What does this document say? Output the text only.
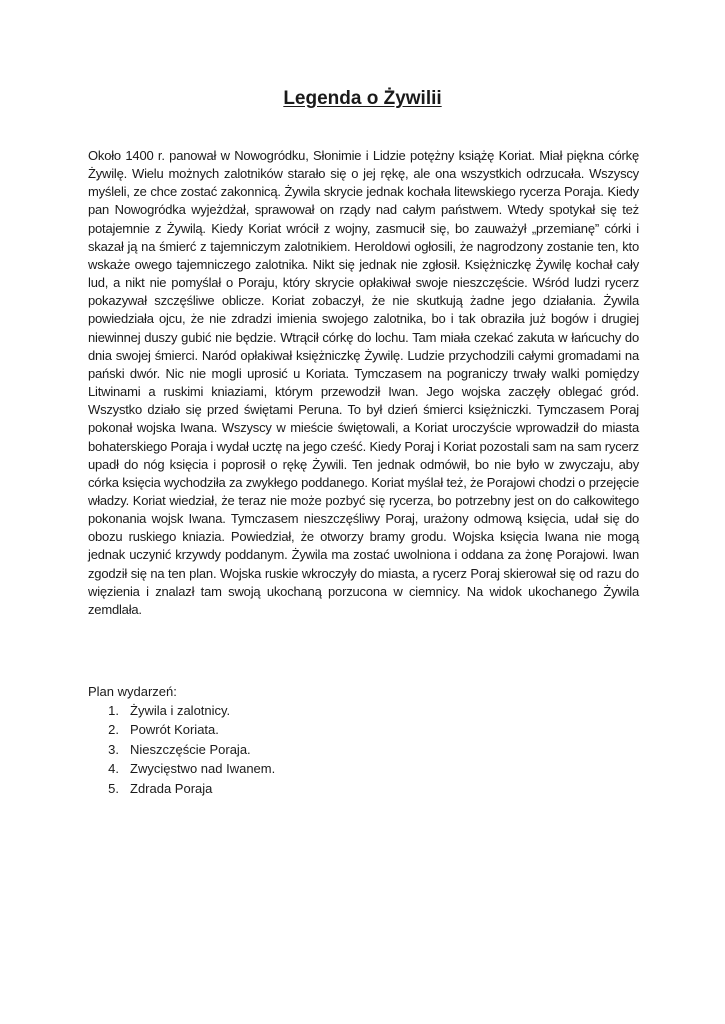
Legenda o Żywilii

Około 1400 r. panował w Nowogródku, Słonimie i Lidzie potężny książę Koriat. Miał piękna córkę Żywilę. Wielu możnych zalotników starało się o jej rękę, ale ona wszystkich odrzucała. Wszyscy myśleli, ze chce zostać zakonnicą. Żywila skrycie jednak kochała litewskiego rycerza Poraja. Kiedy pan Nowogródka wyjeżdżał, sprawował on rządy nad całym państwem. Wtedy spotykał się też potajemnie z Żywilą. Kiedy Koriat wrócił z wojny, zasmucił się, bo zauważył „przemianę” córki i skazał ją na śmierć z tajemniczym zalotnikiem. Heroldowi ogłosili, że nagrodzony zostanie ten, kto wskaże owego tajemniczego zalotnika. Nikt się jednak nie zgłosił. Księżniczkę Żywilę kochał cały lud, a nikt nie pomyślał o Poraju, który skrycie opłakiwał swoje nieszczęście. Wśród ludzi rycerz pokazywał szczęśliwe oblicze. Koriat zobaczył, że nie skutkują żadne jego działania. Żywila powiedziała ojcu, że nie zdradzi imienia swojego zalotnika, bo i tak obraziła już bogów i drugiej niewinnej duszy gubić nie będzie. Wtrącił córkę do lochu. Tam miała czekać zakuta w łańcuchy do dnia swojej śmierci. Naród opłakiwał księżniczkę Żywilę. Ludzie przychodzili całymi gromadami na pański dwór. Nic nie mogli uprosić u Koriata. Tymczasem na pograniczy trwały walki pomiędzy Litwinami a ruskimi kniaziami, którym przewodził Iwan. Jego wojska zaczęły oblegać gród. Wszystko działo się przed świętami Peruna. To był dzień śmierci księżniczki. Tymczasem Poraj pokonał wojska Iwana. Wszyscy w mieście świętowali, a Koriat uroczyście wprowadził do miasta bohaterskiego Poraja i wydał ucztę na jego cześć. Kiedy Poraj i Koriat pozostali sam na sam rycerz upadł do nóg księcia i poprosił o rękę Żywili. Ten jednak odmówił, bo nie było w zwyczaju, aby córka księcia wychodziła za zwykłego poddanego. Koriat myślał też, że Porajowi chodzi o przejęcie władzy. Koriat wiedział, że teraz nie może pozbyć się rycerza, bo potrzebny jest on do całkowitego pokonania wojsk Iwana. Tymczasem nieszczęśliwy Poraj, urażony odmową księcia, udał się do obozu ruskiego kniazia. Powiedział, że otworzy bramy grodu. Wojska księcia Iwana nie mogą jednak uczynić krzywdy poddanym. Żywila ma zostać uwolniona i oddana za żonę Porajowi. Iwan zgodził się na ten plan. Wojska ruskie wkroczyły do miasta, a rycerz Poraj skierował się od razu do więzienia i znalazł tam swoją ukochaną porzucona w ciemnicy. Na widok ukochanego Żywila zemdlała.

Plan wydarzeń:

1. Żywila i zalotnicy.
2. Powrót Koriata.
3. Nieszczęście Poraja.
4. Zwycięstwo nad Iwanem.
5. Zdrada Poraja
